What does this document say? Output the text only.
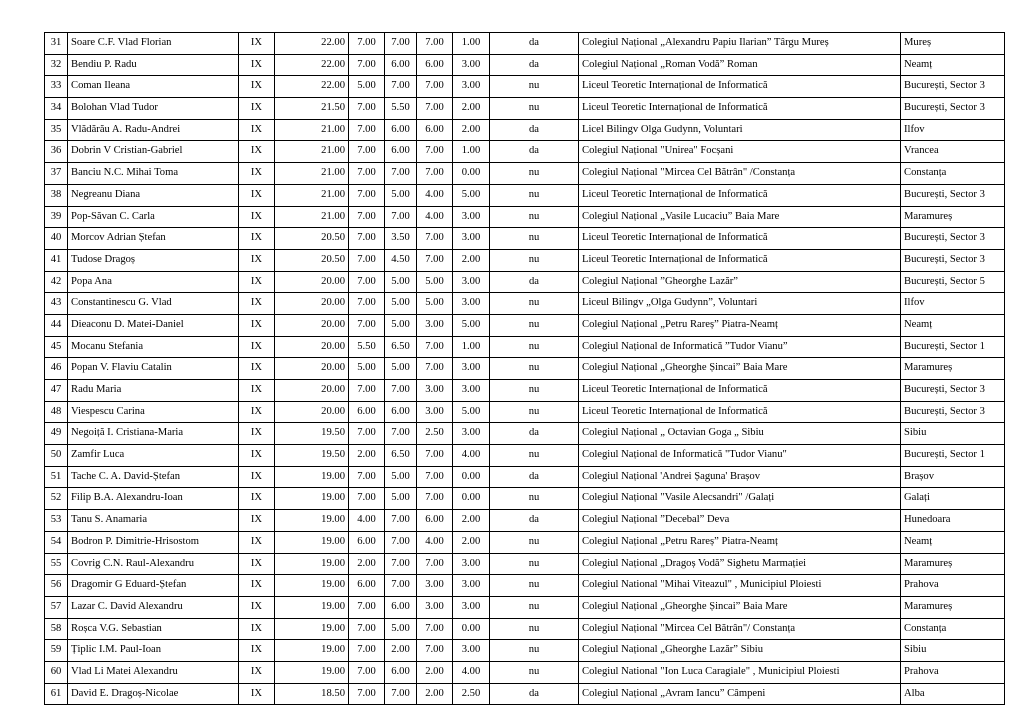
31	Soare C.F. Vlad Florian	IX	22.00	7.00	7.00	7.00	1.00	da	Colegiul Național „Alexandru Papiu Ilarian” Târgu Mureș	Mureș
32	Bendiu P. Radu	IX	22.00	7.00	6.00	6.00	3.00	da	Colegiul Național „Roman Vodă” Roman	Neamț
33	Coman Ileana	IX	22.00	5.00	7.00	7.00	3.00	nu	Liceul Teoretic Internațional de Informatică	București, Sector 3
34	Bolohan Vlad Tudor	IX	21.50	7.00	5.50	7.00	2.00	nu	Liceul Teoretic Internațional de Informatică	București, Sector 3
35	Vlădărău A. Radu-Andrei	IX	21.00	7.00	6.00	6.00	2.00	da	Licel Bilingv Olga Gudynn, Voluntari	Ilfov
36	Dobrin V Cristian-Gabriel	IX	21.00	7.00	6.00	7.00	1.00	da	Colegiul Național "Unirea" Focșani	Vrancea
37	Banciu N.C. Mihai Toma	IX	21.00	7.00	7.00	7.00	0.00	nu	Colegiul Național "Mircea Cel Bătrân" /Constanța	Constanța
38	Negreanu Diana	IX	21.00	7.00	5.00	4.00	5.00	nu	Liceul Teoretic Internațional de Informatică	București, Sector 3
39	Pop-Săvan C. Carla	IX	21.00	7.00	7.00	4.00	3.00	nu	Colegiul Național „Vasile Lucaciu” Baia Mare	Maramureș
40	Morcov Adrian Ștefan	IX	20.50	7.00	3.50	7.00	3.00	nu	Liceul Teoretic Internațional de Informatică	București, Sector 3
41	Tudose Dragoș	IX	20.50	7.00	4.50	7.00	2.00	nu	Liceul Teoretic Internațional de Informatică	București, Sector 3
42	Popa Ana	IX	20.00	7.00	5.00	5.00	3.00	da	Colegiul Național ”Gheorghe Lazăr”	București, Sector 5
43	Constantinescu G. Vlad	IX	20.00	7.00	5.00	5.00	3.00	nu	Liceul Bilingv „Olga Gudynn”, Voluntari	Ilfov
44	Dieaconu D. Matei-Daniel	IX	20.00	7.00	5.00	3.00	5.00	nu	Colegiul Național „Petru Rareș” Piatra-Neamț	Neamț
45	Mocanu Stefania	IX	20.00	5.50	6.50	7.00	1.00	nu	Colegiul Național de Informatică ”Tudor Vianu”	București, Sector 1
46	Popan V. Flaviu Catalin	IX	20.00	5.00	5.00	7.00	3.00	nu	Colegiul Național „Gheorghe Șincai” Baia Mare	Maramureș
47	Radu Maria	IX	20.00	7.00	7.00	3.00	3.00	nu	Liceul Teoretic Internațional de Informatică	București, Sector 3
48	Viespescu Carina	IX	20.00	6.00	6.00	3.00	5.00	nu	Liceul Teoretic Internațional de Informatică	București, Sector 3
49	Negoiță I. Cristiana-Maria	IX	19.50	7.00	7.00	2.50	3.00	da	Colegiul Național „ Octavian Goga „ Sibiu	Sibiu
50	Zamfir Luca	IX	19.50	2.00	6.50	7.00	4.00	nu	Colegiul Național de Informatică "Tudor Vianu"	București, Sector 1
51	Tache C. A. David-Ștefan	IX	19.00	7.00	5.00	7.00	0.00	da	Colegiul Național 'Andrei Șaguna' Brașov	Brașov
52	Filip B.A. Alexandru-Ioan	IX	19.00	7.00	5.00	7.00	0.00	nu	Colegiul Național "Vasile Alecsandri" /Galați	Galați
53	Tanu S. Anamaria	IX	19.00	4.00	7.00	6.00	2.00	da	Colegiul Național ”Decebal” Deva	Hunedoara
54	Bodron P. Dimitrie-Hrisostom	IX	19.00	6.00	7.00	4.00	2.00	nu	Colegiul Național „Petru Rareș” Piatra-Neamț	Neamț
55	Covrig C.N. Raul-Alexandru	IX	19.00	2.00	7.00	7.00	3.00	nu	Colegiul Național „Dragoș Vodă” Sighetu Marmației	Maramureș
56	Dragomir G Eduard-Ștefan	IX	19.00	6.00	7.00	3.00	3.00	nu	Colegiul National "Mihai Viteazul" , Municipiul Ploiesti	Prahova
57	Lazar C. David Alexandru	IX	19.00	7.00	6.00	3.00	3.00	nu	Colegiul Național „Gheorghe Șincai” Baia Mare	Maramureș
58	Roșca V.G. Sebastian	IX	19.00	7.00	5.00	7.00	0.00	nu	Colegiul Național "Mircea Cel Bătrân"/ Constanța	Constanța
59	Țiplic I.M. Paul-Ioan	IX	19.00	7.00	2.00	7.00	3.00	nu	Colegiul Național „Gheorghe Lazăr” Sibiu	Sibiu
60	Vlad Li Matei Alexandru	IX	19.00	7.00	6.00	2.00	4.00	nu	Colegiul National "Ion Luca Caragiale" , Municipiul Ploiesti	Prahova
61	David E. Dragoș-Nicolae	IX	18.50	7.00	7.00	2.00	2.50	da	Colegiul Național „Avram Iancu” Câmpeni	Alba
